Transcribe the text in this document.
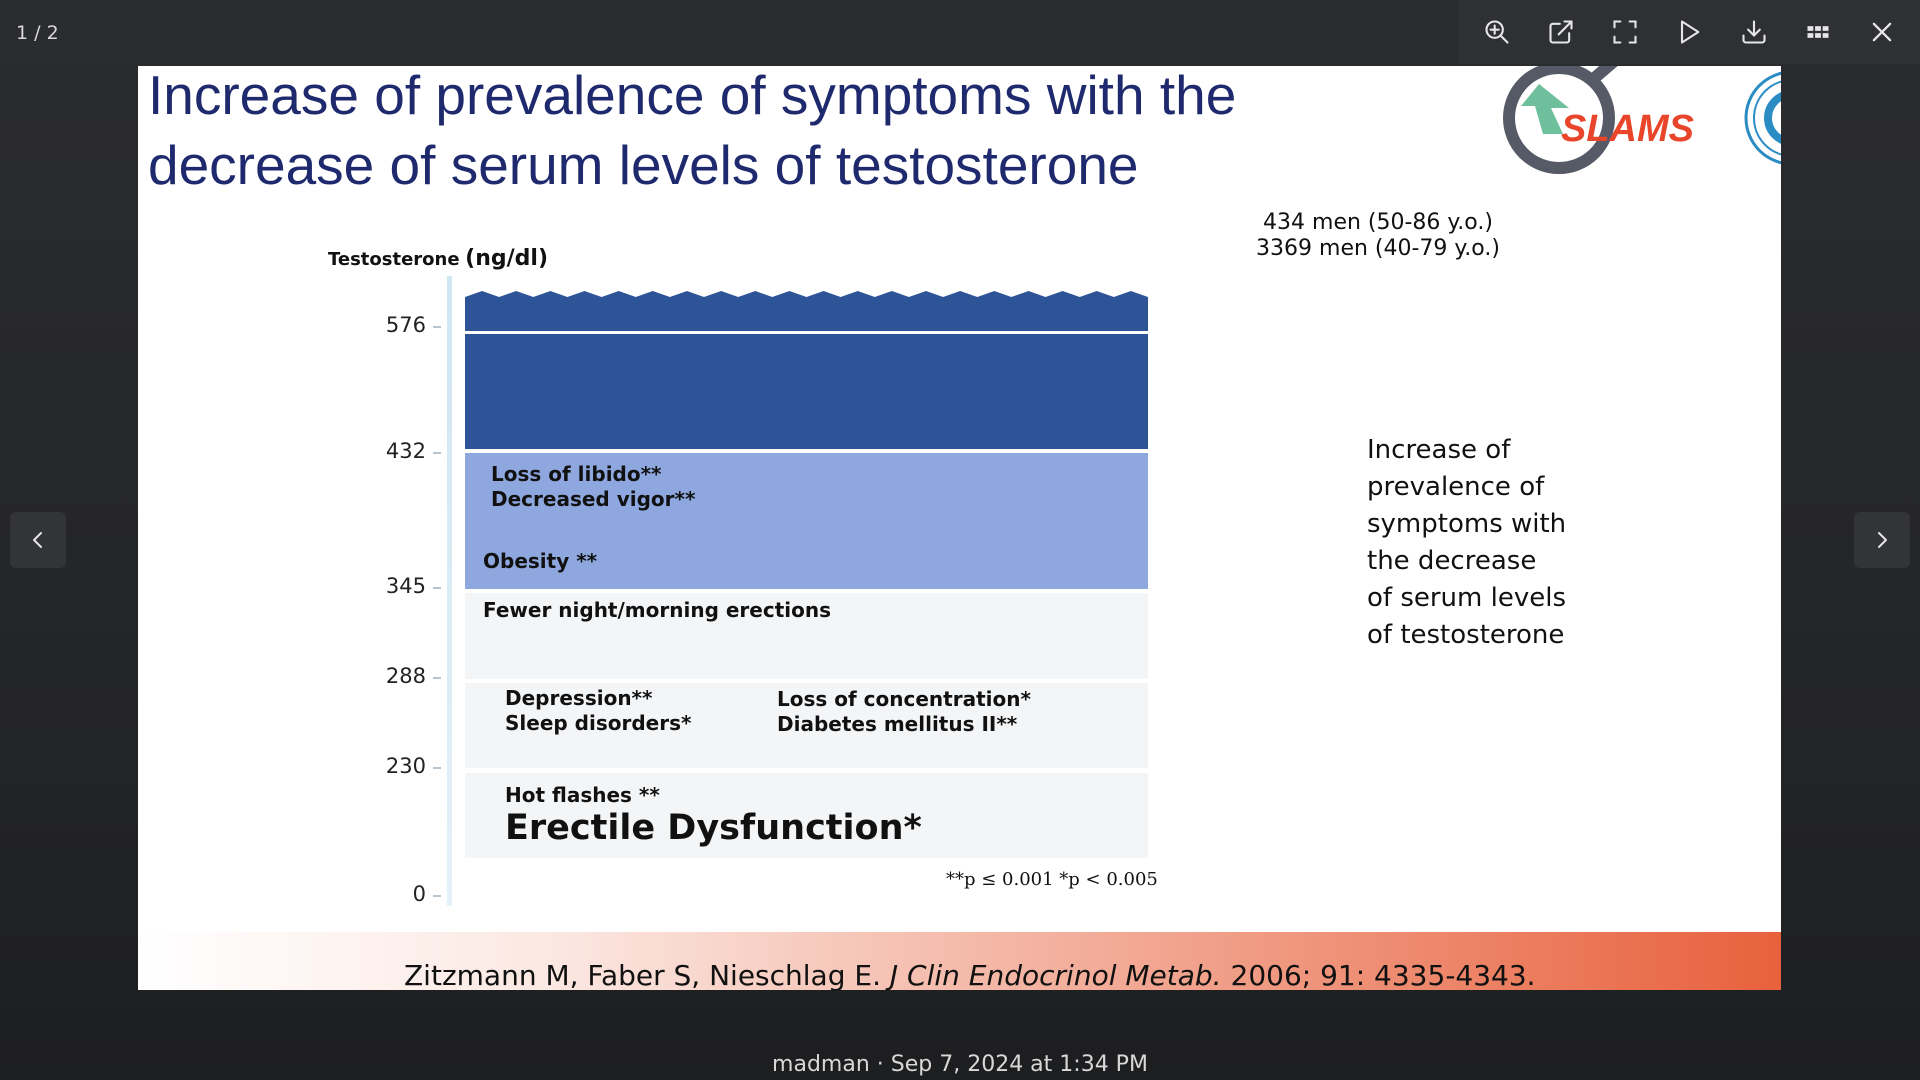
1 / 2
Increase of prevalence of symptoms with the
decrease of serum levels of testosterone
SLAMS
434 men (50-86 y.o.)
3369 men (40-79 y.o.)
Testosterone (ng/dl)
576
432
345
288
230
0
Loss of libido**
Decreased vigor**
Obesity **
Fewer night/morning erections
Depression**
Sleep disorders*
Loss of concentration*
Diabetes mellitus II**
Hot flashes **
Erectile Dysfunction*
**p ≤ 0.001 *p < 0.005
Increase of
prevalence of
symptoms with
the decrease
of serum levels
of testosterone
Zitzmann M, Faber S, Nieschlag E. J Clin Endocrinol Metab. 2006; 91: 4335-4343.
madman · Sep 7, 2024 at 1:34 PM
